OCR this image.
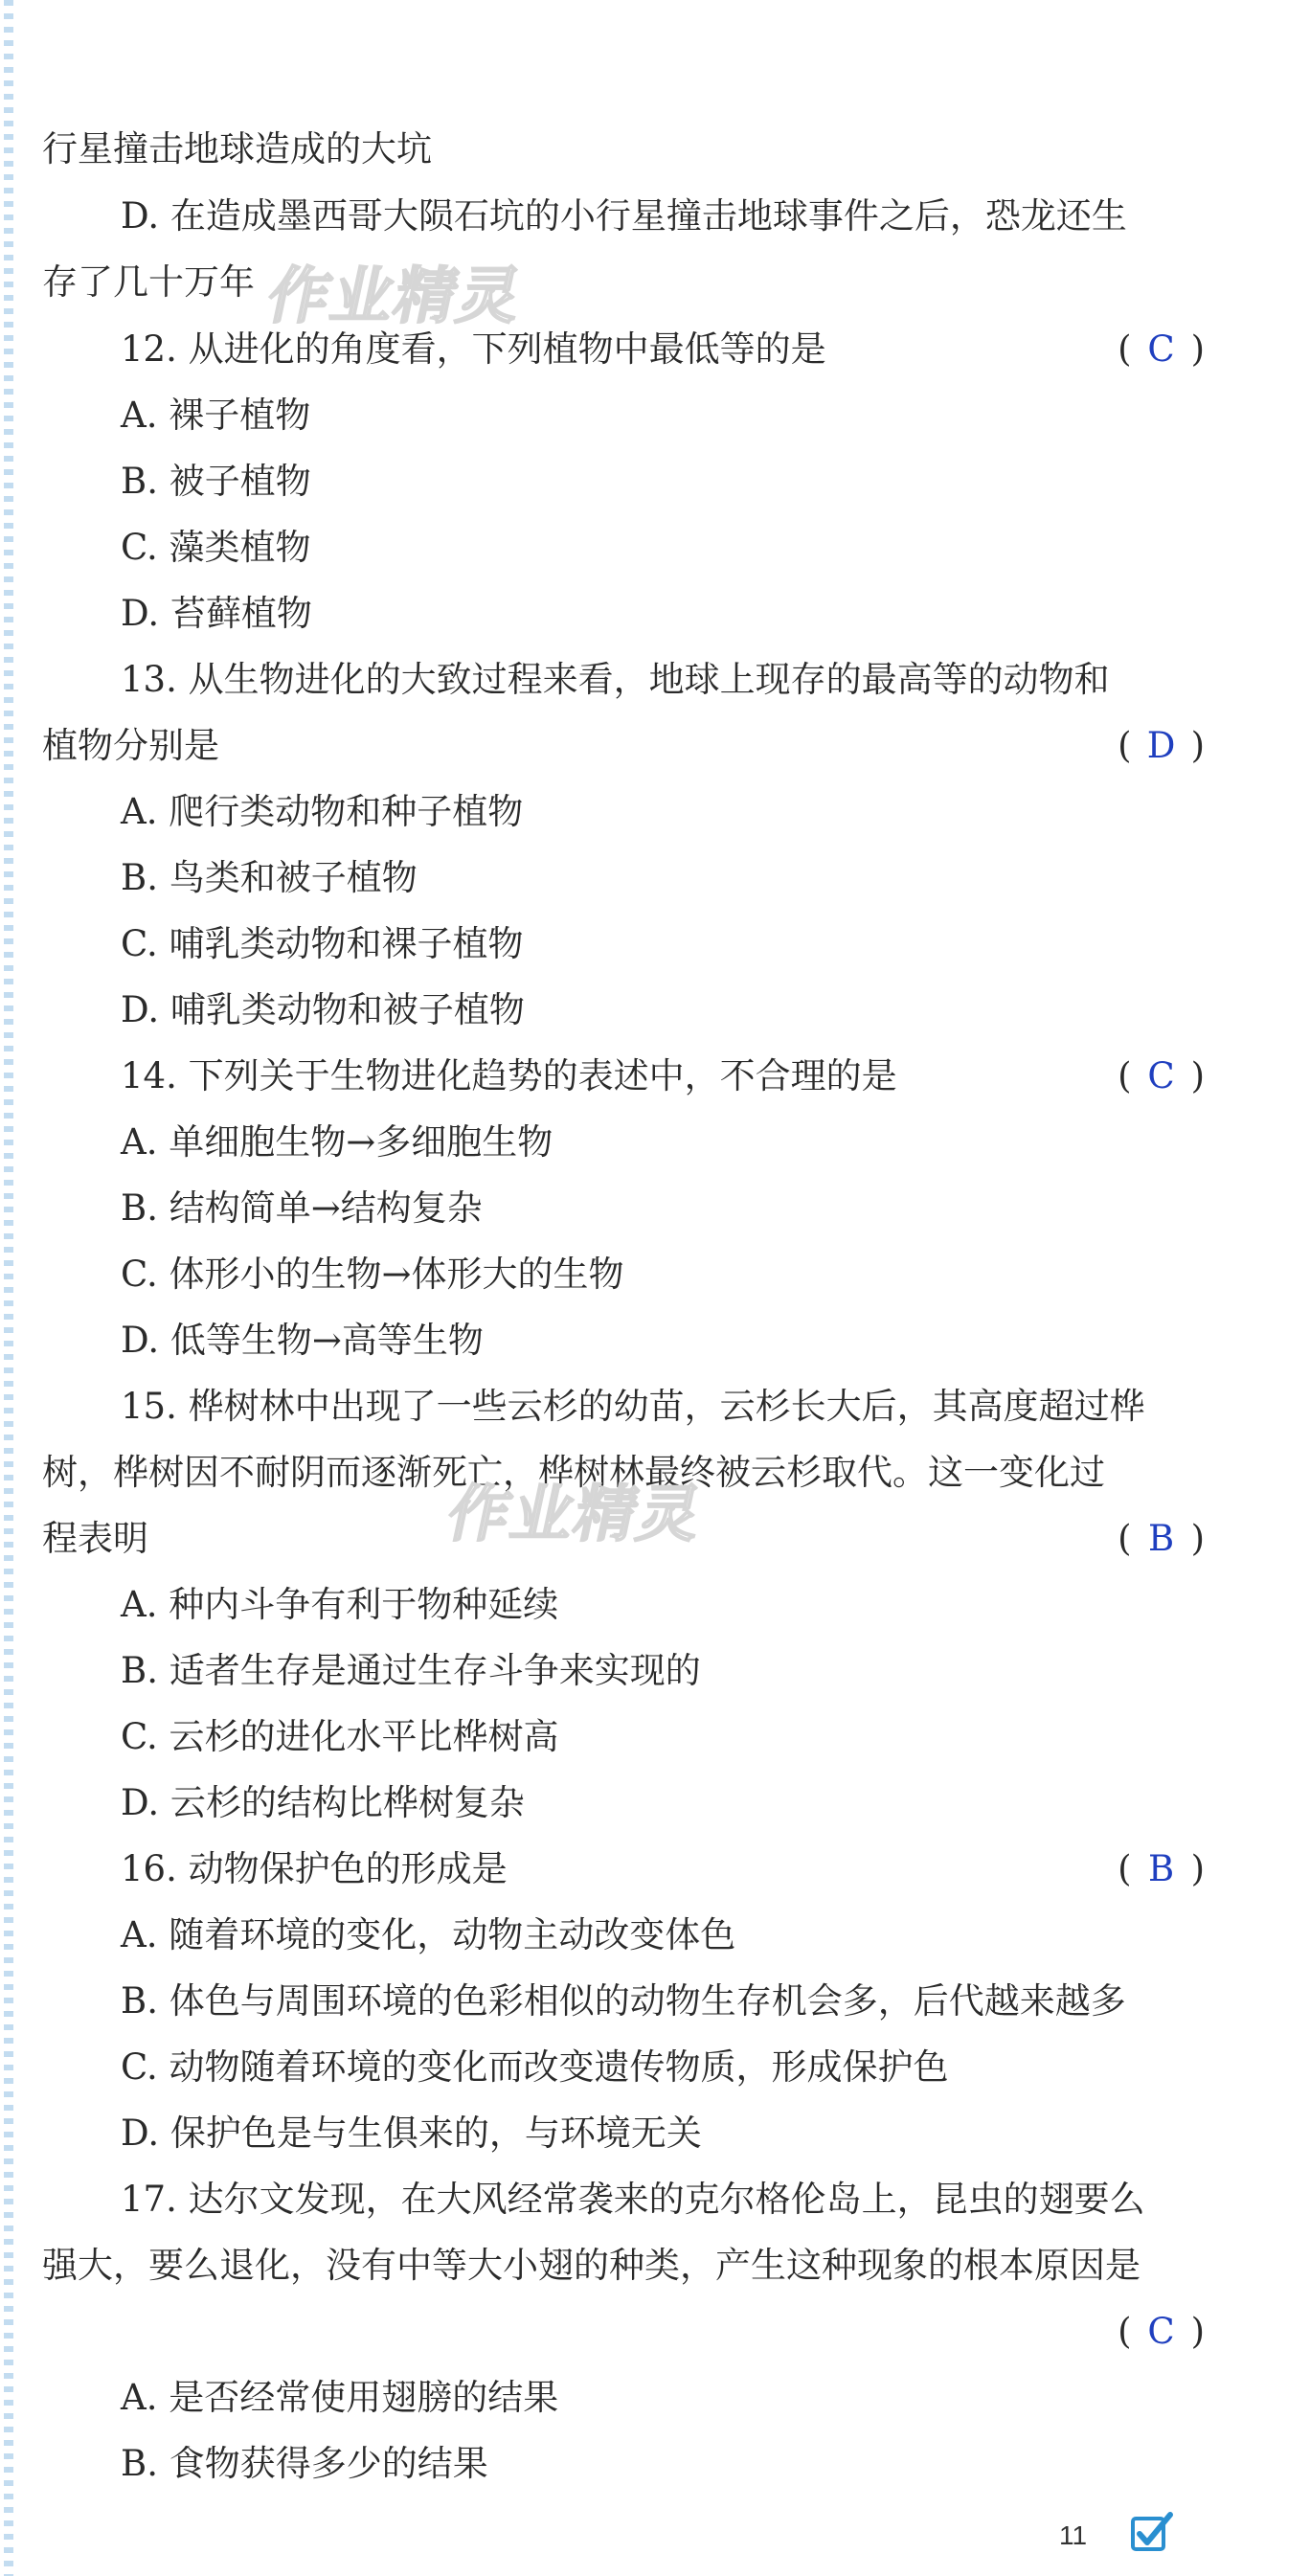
行星撞击地球造成的大坑
D. 在造成墨西哥大陨石坑的小行星撞击地球事件之后，恐龙还生
存了几十万年
12. 从进化的角度看，下列植物中最低等的是	( C )
A. 裸子植物
B. 被子植物
C. 藻类植物
D. 苔藓植物
13. 从生物进化的大致过程来看，地球上现存的最高等的动物和
植物分别是	( D )
A. 爬行类动物和种子植物
B. 鸟类和被子植物
C. 哺乳类动物和裸子植物
D. 哺乳类动物和被子植物
14. 下列关于生物进化趋势的表述中，不合理的是	( C )
A. 单细胞生物→多细胞生物
B. 结构简单→结构复杂
C. 体形小的生物→体形大的生物
D. 低等生物→高等生物
15. 桦树林中出现了一些云杉的幼苗，云杉长大后，其高度超过桦
树，桦树因不耐阴而逐渐死亡，桦树林最终被云杉取代。这一变化过
程表明	( B )
A. 种内斗争有利于物种延续
B. 适者生存是通过生存斗争来实现的
C. 云杉的进化水平比桦树高
D. 云杉的结构比桦树复杂
16. 动物保护色的形成是	( B )
A. 随着环境的变化，动物主动改变体色
B. 体色与周围环境的色彩相似的动物生存机会多，后代越来越多
C. 动物随着环境的变化而改变遗传物质，形成保护色
D. 保护色是与生俱来的，与环境无关
17. 达尔文发现，在大风经常袭来的克尔格伦岛上，昆虫的翅要么
强大，要么退化，没有中等大小翅的种类，产生这种现象的根本原因是
( C )
A. 是否经常使用翅膀的结果
B. 食物获得多少的结果
作业精灵
作业精灵
11
